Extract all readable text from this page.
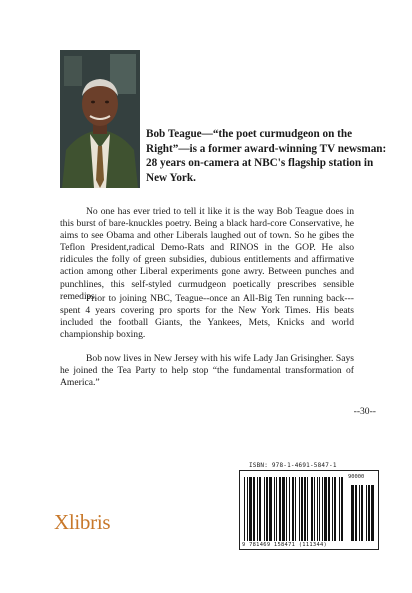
Bob Teague—“the poet curmudgeon on the Right”—is a former award-winning TV newsman: 28 years on-camera at NBC's flagship station in New York.

No one has ever tried to tell it like it is the way Bob Teague does in this burst of bare-knuckles poetry. Being a black hard-core Conservative, he aims to see Obama and other Liberals laughed out of town. So he gibes the Teflon President,radical Demo-Rats and RINOS in the GOP. He also ridicules the folly of green subsidies, dubious entitlements and affirmative action among other Liberal experiments gone awry. Between punches and punchlines, this self-styled curmudgeon poetically prescribes sensible remedies.

Prior to joining NBC, Teague--once an All-Big Ten running back---spent 4 years covering pro sports for the New York Times. His beats included the football Giants, the Yankees, Mets, Knicks and world championship boxing.

Bob now lives in New Jersey with his wife Lady Jan Grisingher. Says he joined the Tea Party to help stop “the fundamental transformation of America.”

--30--

Xlibris
ISBN: 978-1-4691-5847-1
90000
9 781469 158471 (111344)
